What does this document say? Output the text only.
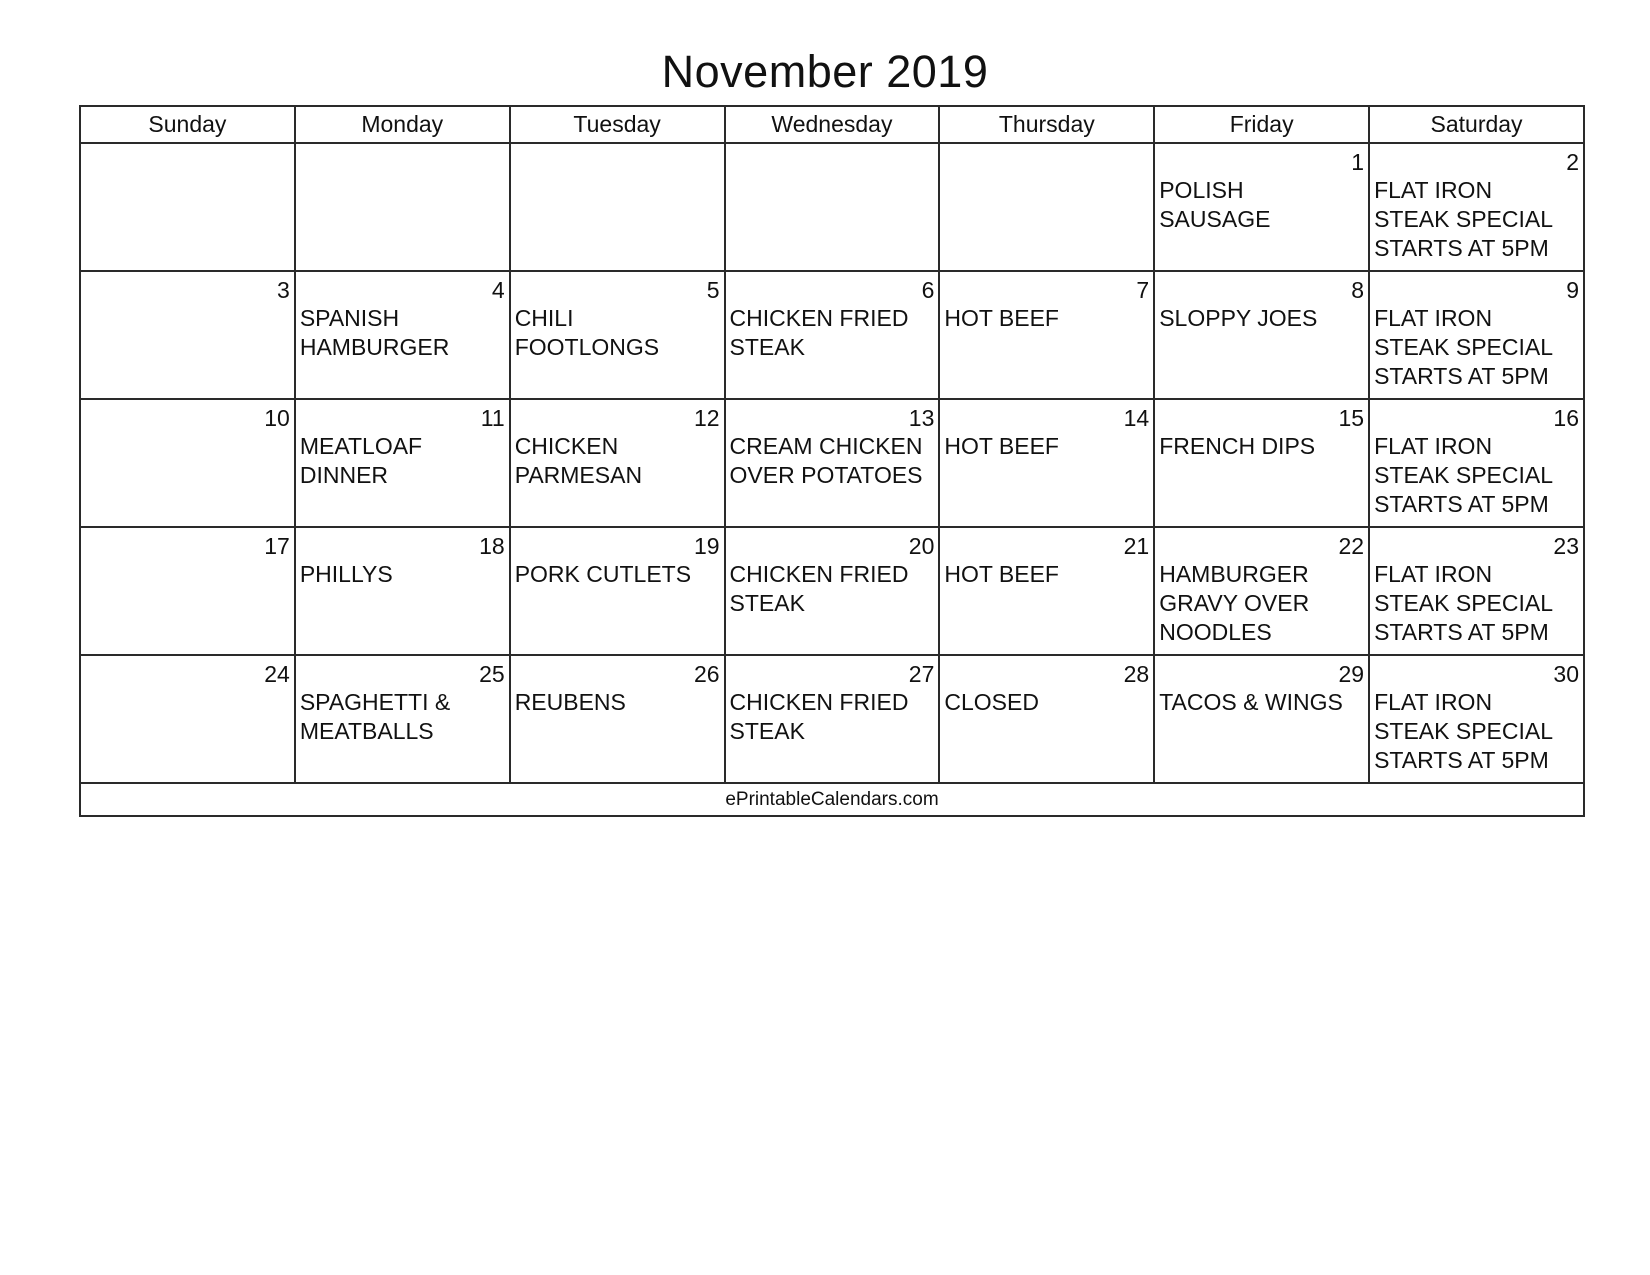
November 2019
Sunday	Monday	Tuesday	Wednesday	Thursday	Friday	Saturday

					1
POLISH
SAUSAGE	2
FLAT IRON
STEAK SPECIAL
STARTS AT 5PM

3	4
SPANISH
HAMBURGER	5
CHILI
FOOTLONGS	6
CHICKEN FRIED
STEAK	7
HOT BEEF	8
SLOPPY JOES	9
FLAT IRON
STEAK SPECIAL
STARTS AT 5PM

10	11
MEATLOAF
DINNER	12
CHICKEN
PARMESAN	13
CREAM CHICKEN
OVER POTATOES	14
HOT BEEF	15
FRENCH DIPS	16
FLAT IRON
STEAK SPECIAL
STARTS AT 5PM

17	18
PHILLYS	19
PORK CUTLETS	20
CHICKEN FRIED
STEAK	21
HOT BEEF	22
HAMBURGER
GRAVY OVER
NOODLES	23
FLAT IRON
STEAK SPECIAL
STARTS AT 5PM

24	25
SPAGHETTI &
MEATBALLS	26
REUBENS	27
CHICKEN FRIED
STEAK	28
CLOSED	29
TACOS & WINGS	30
FLAT IRON
STEAK SPECIAL
STARTS AT 5PM

ePrintableCalendars.com						
